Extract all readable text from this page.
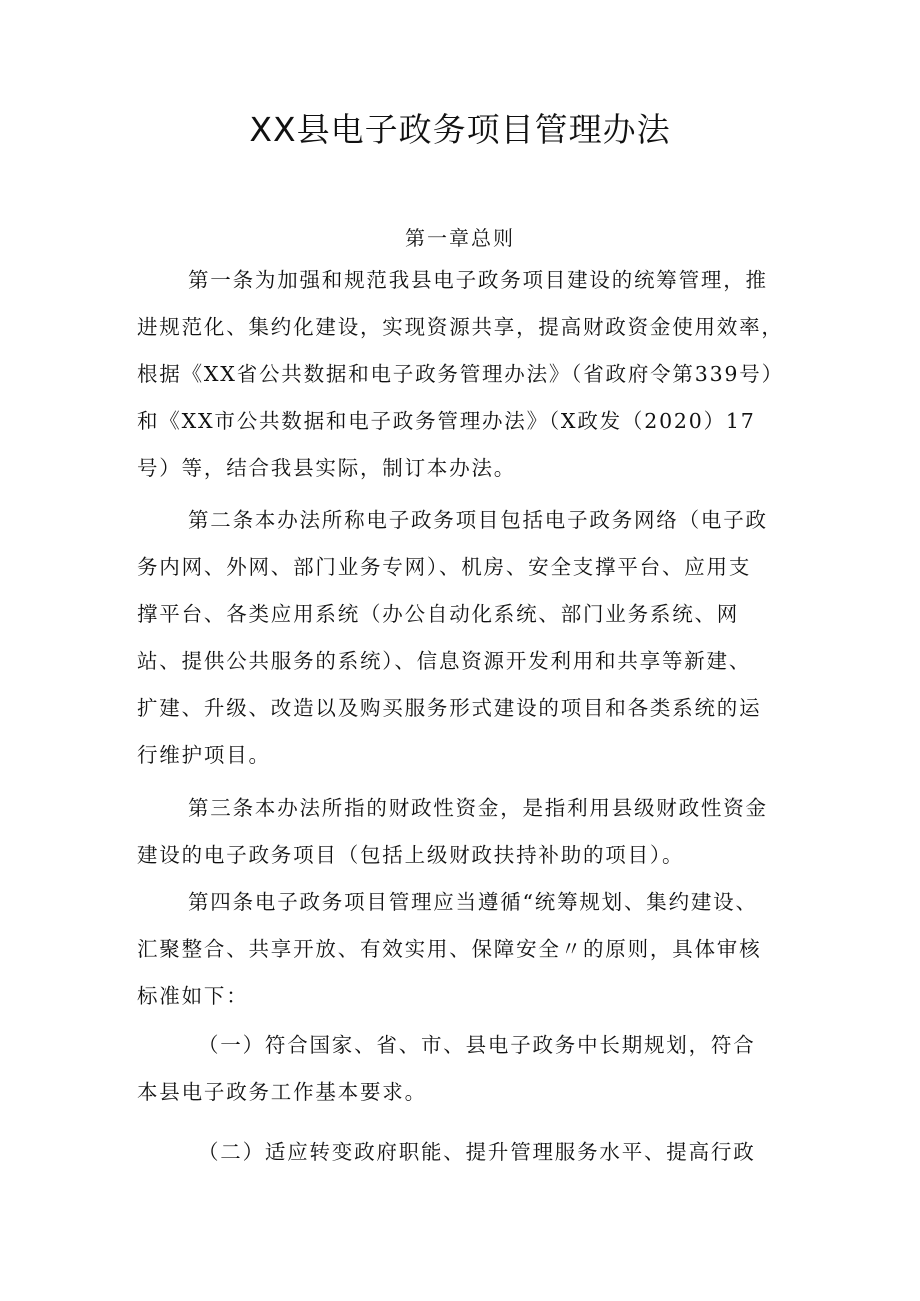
XX县电子政务项目管理办法
第一章总则
第一条为加强和规范我县电子政务项目建设的统筹管理，推
进规范化、集约化建设，实现资源共享，提高财政资金使用效率，
根据《XX省公共数据和电子政务管理办法》（省政府令第339号）
和《XX市公共数据和电子政务管理办法》（X政发（2020）17
号）等，结合我县实际，制订本办法。
第二条本办法所称电子政务项目包括电子政务网络（电子政
务内网、外网、部门业务专网）、机房、安全支撑平台、应用支
撑平台、各类应用系统（办公自动化系统、部门业务系统、网
站、提供公共服务的系统）、信息资源开发利用和共享等新建、
扩建、升级、改造以及购买服务形式建设的项目和各类系统的运
行维护项目。
第三条本办法所指的财政性资金，是指利用县级财政性资金
建设的电子政务项目（包括上级财政扶持补助的项目）。
第四条电子政务项目管理应当遵循“统筹规划、集约建设、
汇聚整合、共享开放、有效实用、保障安全〃的原则，具体审核
标准如下：
（一）符合国家、省、市、县电子政务中长期规划，符合
本县电子政务工作基本要求。
（二）适应转变政府职能、提升管理服务水平、提高行政
